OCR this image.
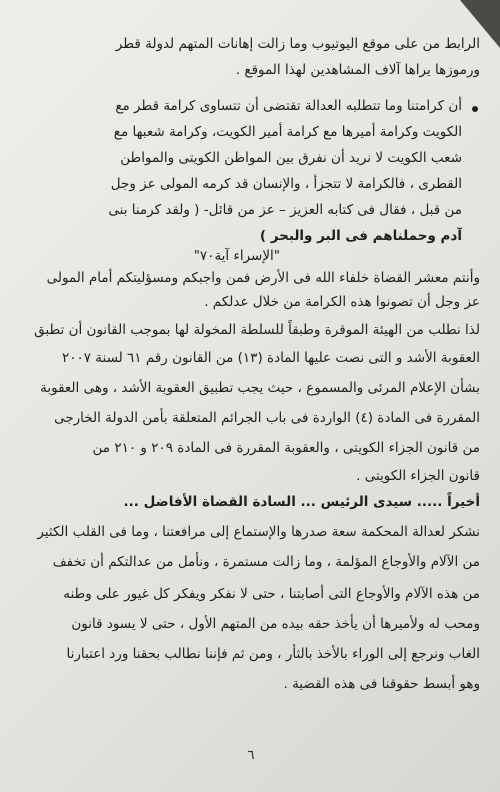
الرابط من على موقع اليوتيوب وما زالت إهانات المتهم لدولة قطر
ورموزها يراها آلاف المشاهدين لهذا الموقع .
أن كرامتنا وما تتطلبه العدالة تقتضى أن تتساوى كرامة قطر مع
الكويت وكرامة أميرها مع كرامة أمير الكويت، وكرامة شعبها مع
شعب الكويت لا نريد أن نفرق بين المواطن الكويتى والمواطن
القطرى ، فالكرامة لا تتجزأ ، والإنسان قد كرمه المولى عز وجل
من قبل ، فقال فى كتابه العزيز – عز من قائل- ( ولقد كرمنا بنى
آدم وحملناهم فى البر والبحر )
"الإسراء آية٧٠"
وأنتم معشر القضاة خلفاء الله فى الأرض فمن واجبكم ومسؤليتكم أمام المولى
عز وجل أن تصونوا هذه الكرامة من خلال عدلكم .
لذا نطلب من الهيئة الموقرة وطبقاً للسلطة المخولة لها بموجب القانون أن تطبق
العقوبة الأشد و التى نصت عليها المادة (١٣) من القانون رقم ٦١ لسنة ٢٠٠٧
بشأن الإعلام المرئى والمسموع ، حيث يجب تطبيق العقوبة الأشد ، وهى العقوبة
المقررة فى المادة (٤) الواردة فى باب الجرائم المتعلقة بأمن الدولة الخارجى
من قانون الجزاء الكويتى ، والعقوبة المقررة فى المادة ٢٠٩ و ٢١٠ من
قانون الجزاء الكويتى .
أخيراً ..... سيدى الرئيس ... السادة القضاة الأفاضل ...
نشكر لعدالة المحكمة سعة صدرها والإستماع إلى مرافعتنا ، وما فى القلب الكثير
من الآلام والأوجاع المؤلمة ، وما زالت مستمرة ، ونأمل من عدالتكم أن تخفف
من هذه الآلام والأوجاع التى أصابتنا ، حتى لا نفكر ويفكر كل غيور على وطنه
ومحب له ولأميرها أن يأخذ حقه بيده من المتهم الأول ، حتى لا يسود قانون
الغاب ونرجع إلى الوراء بالأخذ بالثأر ، ومن ثم فإننا نطالب بحقنا ورد اعتبارنا
وهو أبسط حقوقنا فى هذه القضية .
٦
